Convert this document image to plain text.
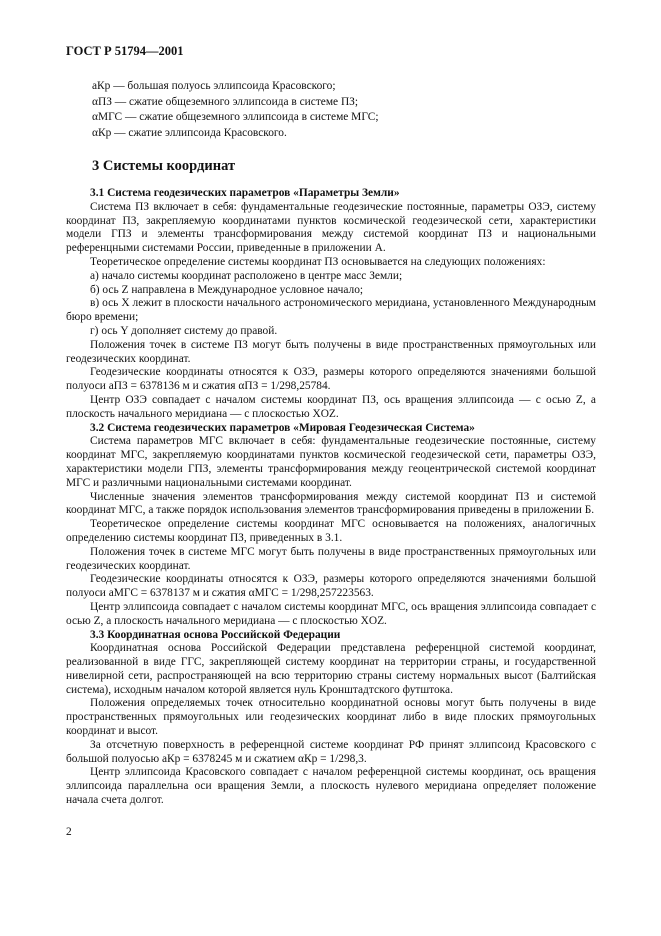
ГОСТ Р 51794—2001
aКр — большая полуось эллипсоида Красовского;
αПЗ — сжатие общеземного эллипсоида в системе ПЗ;
αМГС — сжатие общеземного эллипсоида в системе МГС;
αКр — сжатие эллипсоида Красовского.
3 Системы координат

3.1 Система геодезических параметров «Параметры Земли»

Система ПЗ включает в себя: фундаментальные геодезические постоянные, параметры ОЗЭ, систему координат ПЗ, закрепляемую координатами пунктов космической геодезической сети, характеристики модели ГПЗ и элементы трансформирования между системой координат ПЗ и национальными референцными системами России, приведенные в приложении А.

Теоретическое определение системы координат ПЗ основывается на следующих положениях:

а) начало системы координат расположено в центре масс Земли;

б) ось Z направлена в Международное условное начало;

в) ось X лежит в плоскости начального астрономического меридиана, установленного Международным бюро времени;

г) ось Y дополняет систему до правой.

Положения точек в системе ПЗ могут быть получены в виде пространственных прямоугольных или геодезических координат.

Геодезические координаты относятся к ОЗЭ, размеры которого определяются значениями большой полуоси aПЗ = 6378136 м и сжатия αПЗ = 1/298,25784.

Центр ОЗЭ совпадает с началом системы координат ПЗ, ось вращения эллипсоида — с осью Z, а плоскость начального меридиана — с плоскостью XOZ.

3.2 Система геодезических параметров «Мировая Геодезическая Система»

Система параметров МГС включает в себя: фундаментальные геодезические постоянные, систему координат МГС, закрепляемую координатами пунктов космической геодезической сети, параметры ОЗЭ, характеристики модели ГПЗ, элементы трансформирования между геоцентрической системой координат МГС и различными национальными системами координат.

Численные значения элементов трансформирования между системой координат ПЗ и системой координат МГС, а также порядок использования элементов трансформирования приведены в приложении Б.

Теоретическое определение системы координат МГС основывается на положениях, аналогичных определению системы координат ПЗ, приведенных в 3.1.

Положения точек в системе МГС могут быть получены в виде пространственных прямоугольных или геодезических координат.

Геодезические координаты относятся к ОЗЭ, размеры которого определяются значениями большой полуоси aМГС = 6378137 м и сжатия αМГС = 1/298,257223563.

Центр эллипсоида совпадает с началом системы координат МГС, ось вращения эллипсоида совпадает с осью Z, а плоскость начального меридиана — с плоскостью XOZ.

3.3 Координатная основа Российской Федерации

Координатная основа Российской Федерации представлена референцной системой координат, реализованной в виде ГГС, закрепляющей систему координат на территории страны, и государственной нивелирной сети, распространяющей на всю территорию страны систему нормальных высот (Балтийская система), исходным началом которой является нуль Кронштадтского футштока.

Положения определяемых точек относительно координатной основы могут быть получены в виде пространственных прямоугольных или геодезических координат либо в виде плоских прямоугольных координат и высот.

За отсчетную поверхность в референцной системе координат РФ принят эллипсоид Красовского с большой полуосью aКр = 6378245 м и сжатием αКр = 1/298,3.

Центр эллипсоида Красовского совпадает с началом референцной системы координат, ось вращения эллипсоида параллельна оси вращения Земли, а плоскость нулевого меридиана определяет положение начала счета долгот.

2
